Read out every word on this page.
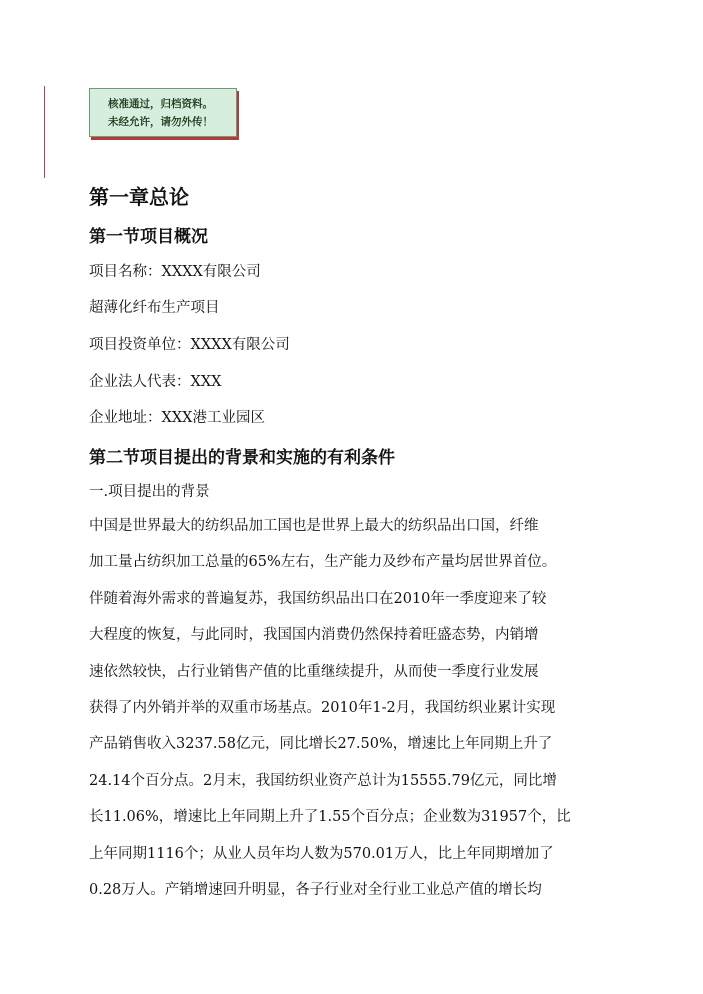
核准通过，归档资料。
未经允许，请勿外传！
第一章总论
第一节项目概况
项目名称：XXXX有限公司
超薄化纤布生产项目
项目投资单位：XXXX有限公司
企业法人代表：XXX
企业地址：XXX港工业园区
第二节项目提出的背景和实施的有利条件
一.项目提出的背景
中国是世界最大的纺织品加工国也是世界上最大的纺织品出口国，纤维
加工量占纺织加工总量的65%左右，生产能力及纱布产量均居世界首位。
伴随着海外需求的普遍复苏，我国纺织品出口在2010年一季度迎来了较
大程度的恢复，与此同时，我国国内消费仍然保持着旺盛态势，内销增
速依然较快，占行业销售产值的比重继续提升，从而使一季度行业发展
获得了内外销并举的双重市场基点。2010年1-2月，我国纺织业累计实现
产品销售收入3237.58亿元，同比增长27.50%，增速比上年同期上升了
24.14个百分点。2月末，我国纺织业资产总计为15555.79亿元，同比增
长11.06%，增速比上年同期上升了1.55个百分点；企业数为31957个，比
上年同期1116个；从业人员年均人数为570.01万人，比上年同期增加了
0.28万人。产销增速回升明显，各子行业对全行业工业总产值的增长均
